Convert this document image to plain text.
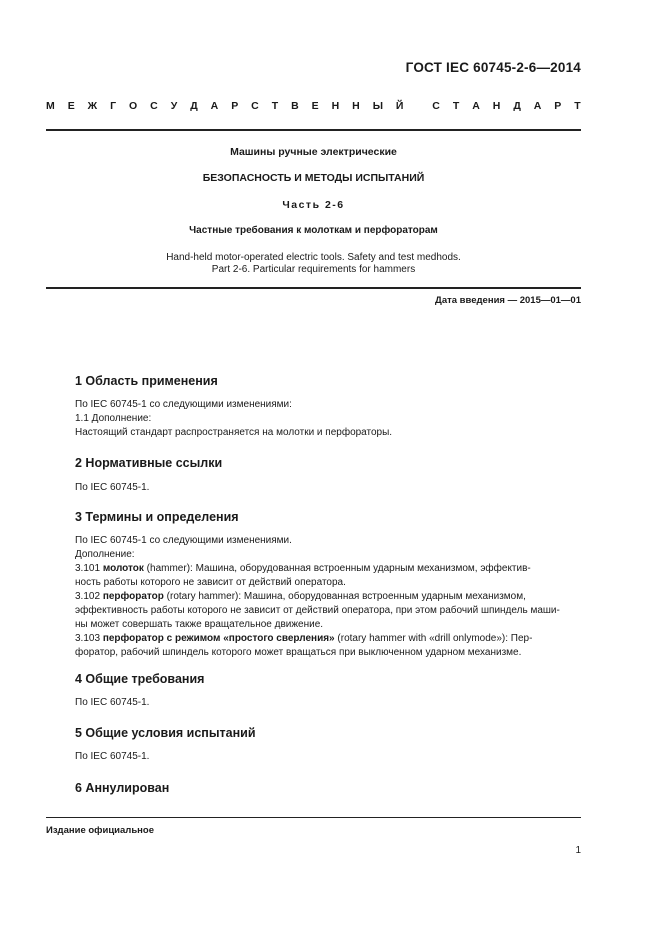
ГОСТ IEC 60745-2-6—2014
М Е Ж Г О С У Д А Р С Т В Е Н Н Ы Й
	С Т А Н Д А Р Т
Машины ручные электрические
БЕЗОПАСНОСТЬ И МЕТОДЫ ИСПЫТАНИЙ
Часть 2-6
Частные требования к молоткам и перфораторам
Hand-held motor-operated electric tools. Safety and test medhods.
Part 2-6. Particular requirements for hammers
Дата введения — 2015—01—01
1 Область применения
По IEC 60745-1 со следующими изменениями:
1.1 Дополнение:
Настоящий стандарт распространяется на молотки и перфораторы.
2 Нормативные ссылки
По IEC 60745-1.
3 Термины и определения
По IEC 60745-1 со следующими изменениями.
Дополнение:
3.101 молоток (hammer): Машина, оборудованная встроенным ударным механизмом, эффектив-
ность работы которого не зависит от действий оператора.
3.102 перфоратор (rotary hammer): Машина, оборудованная встроенным ударным механизмом,
эффективность работы которого не зависит от действий оператора, при этом рабочий шпиндель маши-
ны может совершать также вращательное движение.
3.103 перфоратор с режимом «простого сверления» (rotary hammer with «drill onlymode»): Пер-
форатор, рабочий шпиндель которого может вращаться при выключенном ударном механизме.
4 Общие требования
По IEC 60745-1.
5 Общие условия испытаний
По IEC 60745-1.
6 Аннулирован
Издание официальное
1
